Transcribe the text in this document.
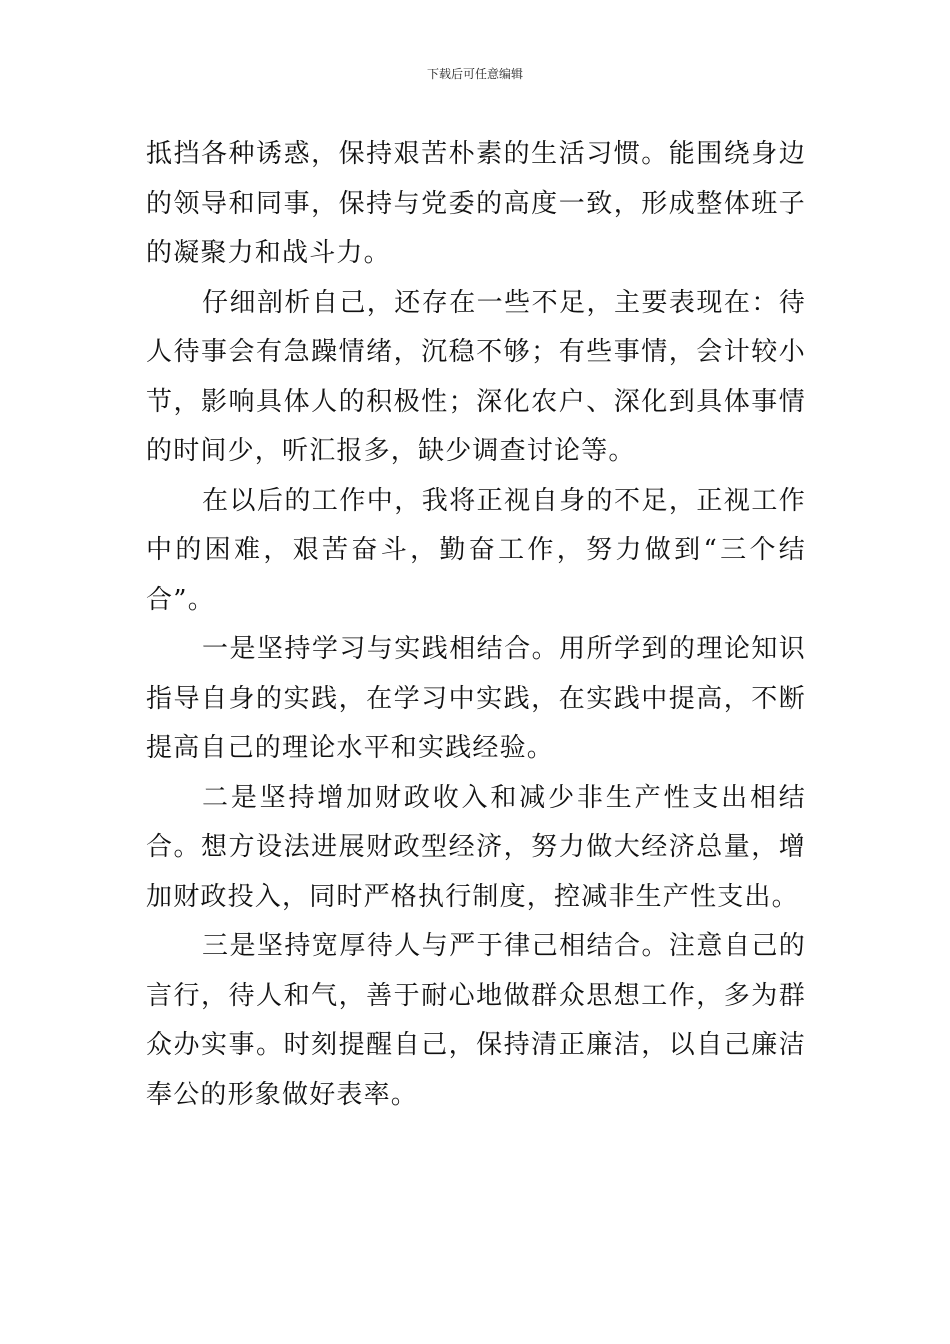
下载后可任意编辑

抵挡各种诱惑，保持艰苦朴素的生活习惯。能围绕身边的领导和同事，保持与党委的高度一致，形成整体班子的凝聚力和战斗力。

仔细剖析自己，还存在一些不足，主要表现在：待人待事会有急躁情绪，沉稳不够；有些事情，会计较小节，影响具体人的积极性；深化农户、深化到具体事情的时间少，听汇报多，缺少调查讨论等。

在以后的工作中，我将正视自身的不足，正视工作中的困难，艰苦奋斗，勤奋工作，努力做到“三个结合”。

一是坚持学习与实践相结合。用所学到的理论知识指导自身的实践，在学习中实践，在实践中提高，不断提高自己的理论水平和实践经验。

二是坚持增加财政收入和减少非生产性支出相结合。想方设法进展财政型经济，努力做大经济总量，增加财政投入，同时严格执行制度，控减非生产性支出。

三是坚持宽厚待人与严于律己相结合。注意自己的言行，待人和气，善于耐心地做群众思想工作，多为群众办实事。时刻提醒自己，保持清正廉洁，以自己廉洁奉公的形象做好表率。
